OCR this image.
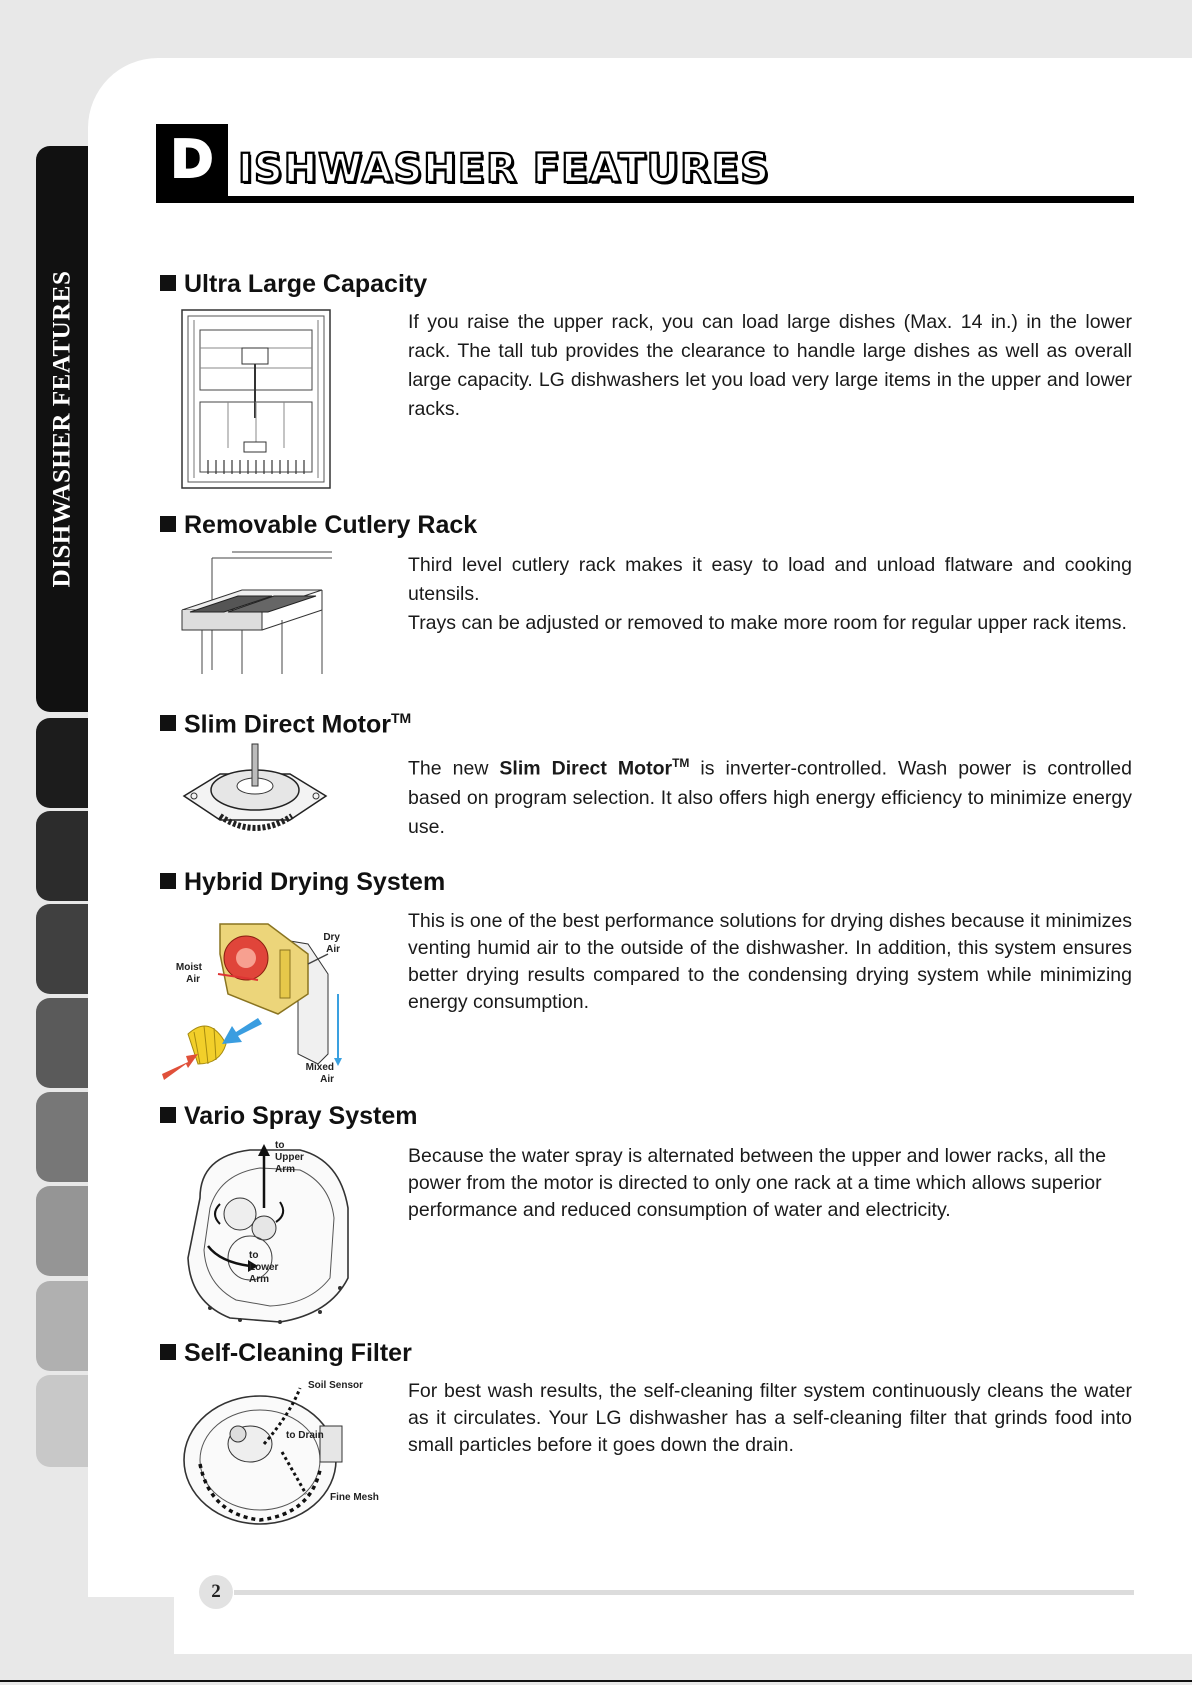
DISHWASHER FEATURES
D ISHWASHER FEATURES
Ultra Large Capacity

If you raise the upper rack, you can load large dishes (Max. 14 in.) in the lower rack. The tall tub provides the clearance to handle large dishes as well as overall large capacity. LG dishwashers let you load very large items in the upper and lower racks.

Removable Cutlery Rack

Third level cutlery rack makes it easy to load and unload flatware and cooking utensils.

Trays can be adjusted or removed to make more room for regular upper rack items.

Slim Direct Motor™

The new Slim Direct Motor™ is inverter-controlled. Wash power is controlled based on program selection. It also offers high energy efficiency to minimize energy use.

Hybrid Drying System
Dry
Air
Moist
Air
Mixed
Air

This is one of the best performance solutions for drying dishes because it minimizes venting humid air to the outside of the dishwasher. In addition, this system ensures better drying results compared to the condensing drying system while minimizing energy consumption.

Vario Spray System
to
Upper
Arm
to
Lower
Arm

Because the water spray is alternated between the upper and lower racks, all the power from the motor is directed to only one rack at a time which allows superior performance and reduced consumption of water and electricity.

Self-Cleaning Filter
Soil Sensor
to Drain
Fine Mesh

For best wash results, the self-cleaning filter system continuously cleans the water as it circulates. Your LG dishwasher has a self-cleaning filter that grinds food into small particles before it goes down the drain.

2
